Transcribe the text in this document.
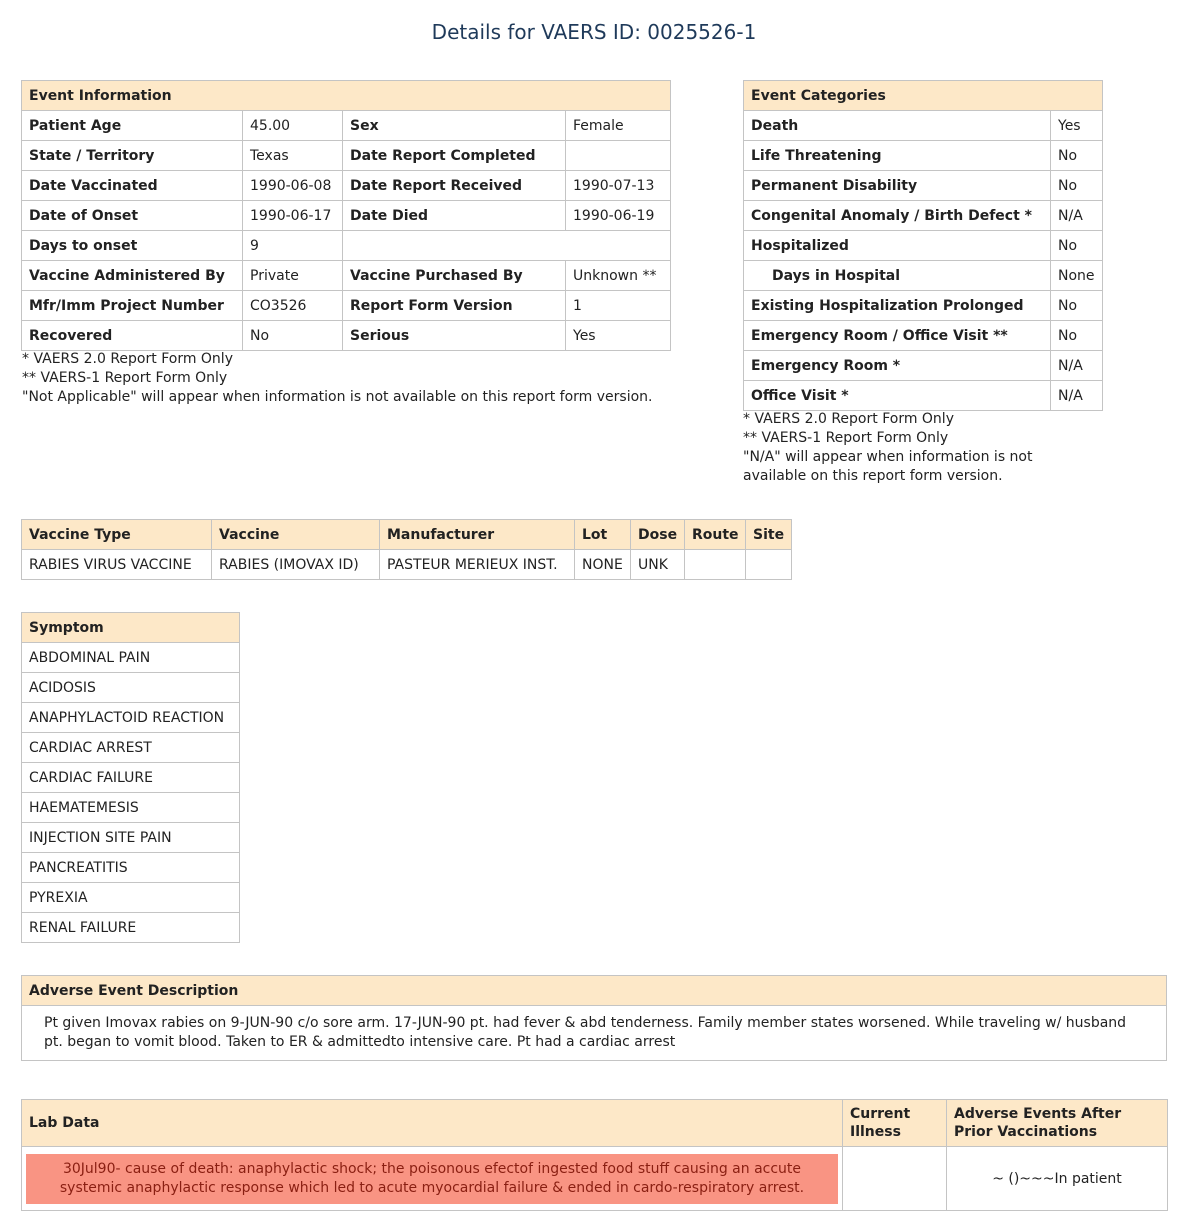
Details for VAERS ID: 0025526-1
Event Information			
Patient Age	45.00	Sex	Female
State / Territory	Texas	Date Report Completed	
Date Vaccinated	1990-06-08	Date Report Received	1990-07-13
Date of Onset	1990-06-17	Date Died	1990-06-19
Days to onset	9		
Vaccine Administered By	Private	Vaccine Purchased By	Unknown **
Mfr/Imm Project Number	CO3526	Report Form Version	1
Recovered	No	Serious	Yes
* VAERS 2.0 Report Form Only
** VAERS-1 Report Form Only
"Not Applicable" will appear when information is not available on this report form version.
Event Categories	
Death	Yes
Life Threatening	No
Permanent Disability	No
Congenital Anomaly / Birth Defect *	N/A
Hospitalized	No
Days in Hospital	None
Existing Hospitalization Prolonged	No
Emergency Room / Office Visit **	No
Emergency Room *	N/A
Office Visit *	N/A
* VAERS 2.0 Report Form Only
** VAERS-1 Report Form Only
"N/A" will appear when information is not
available on this report form version.
Vaccine Type	Vaccine	Manufacturer	Lot	Dose	Route	Site
RABIES VIRUS VACCINE	RABIES (IMOVAX ID)	PASTEUR MERIEUX INST.	NONE	UNK		
Symptom
ABDOMINAL PAIN
ACIDOSIS
ANAPHYLACTOID REACTION
CARDIAC ARREST
CARDIAC FAILURE
HAEMATEMESIS
INJECTION SITE PAIN
PANCREATITIS
PYREXIA
RENAL FAILURE
Adverse Event Description
Pt given Imovax rabies on 9-JUN-90 c/o sore arm. 17-JUN-90 pt. had fever & abd tenderness. Family member states worsened. While traveling w/ husband pt. began to vomit blood. Taken to ER & admittedto intensive care. Pt had a cardiac arrest
Lab Data	Current Illness	Adverse Events After Prior Vaccinations

30Jul90- cause of death: anaphylactic shock; the poisonous efectof ingested food stuff causing an accute systemic anaphylactic response which led to acute myocardial failure & ended in cardo-respiratory arrest.		~ ()~~~In patient
